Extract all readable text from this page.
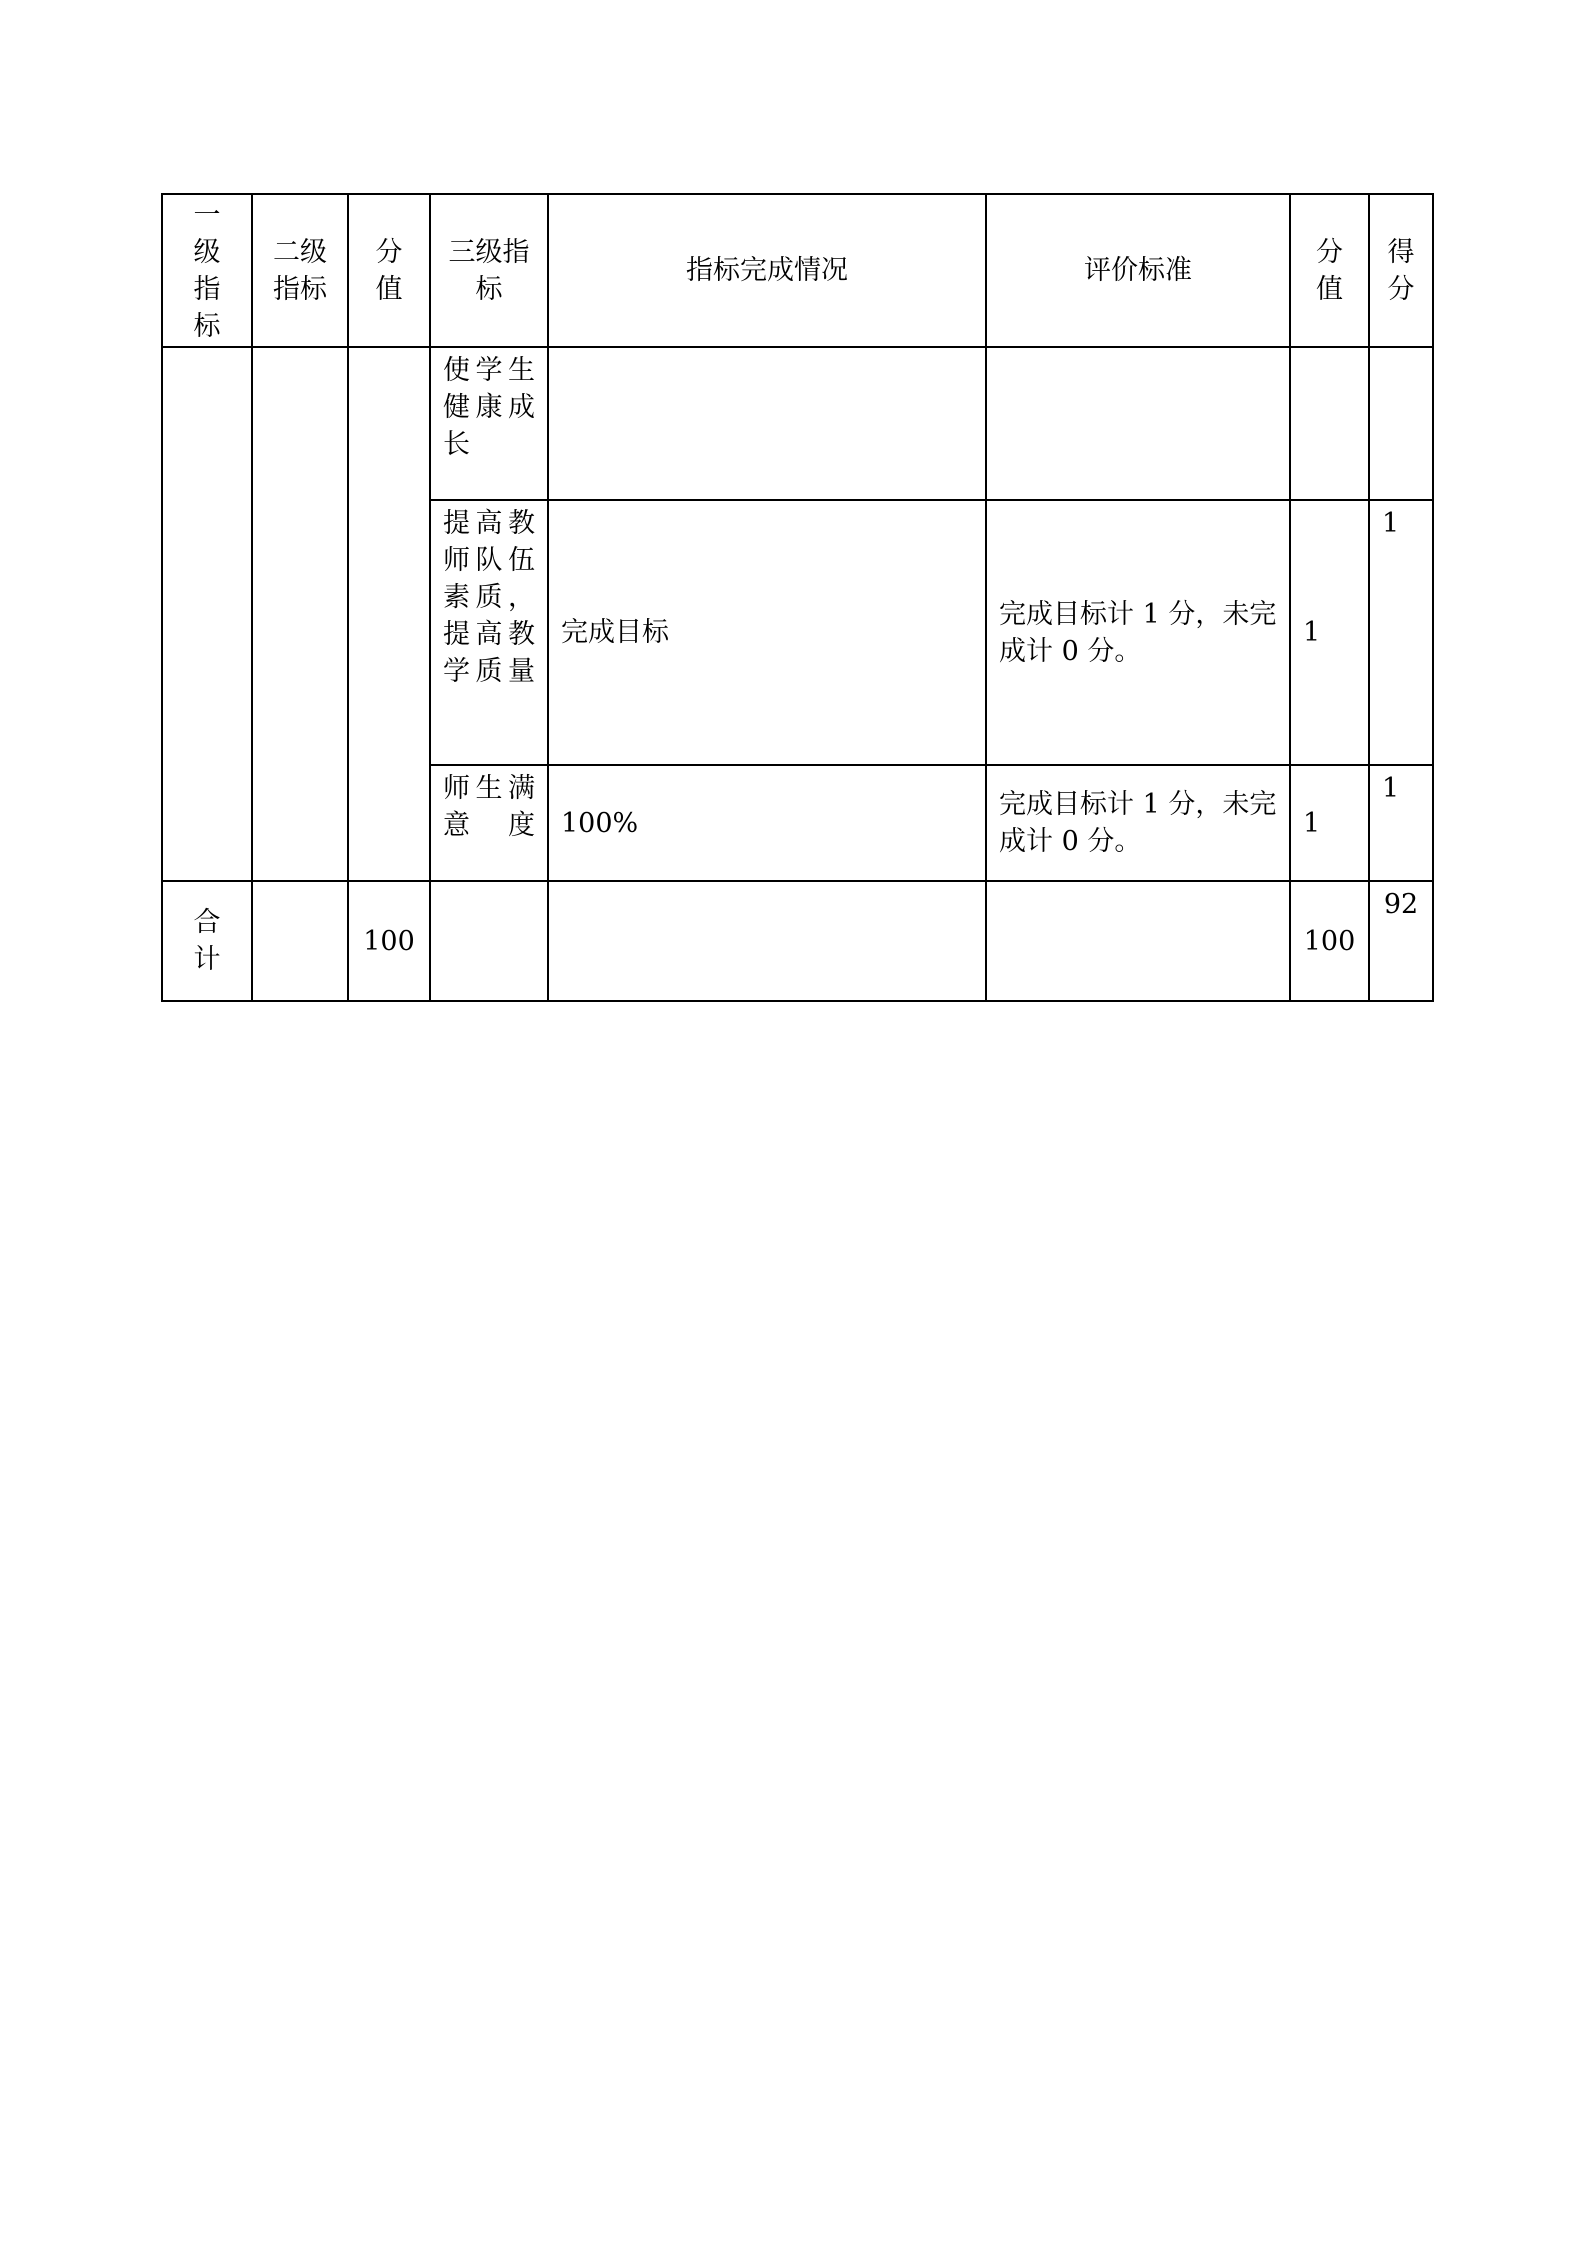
一级指标	二级指标	分值	三级指标	指标完成情况	评价标准	分值	得分
			使学生健康成长				
			提高教师队伍素质，提高教学质量	完成目标	完成目标计 1 分，未完成计 0 分。	1	1
			师生满意度	100%	完成目标计 1 分，未完成计 0 分。	1	1
合计		100				100	92
